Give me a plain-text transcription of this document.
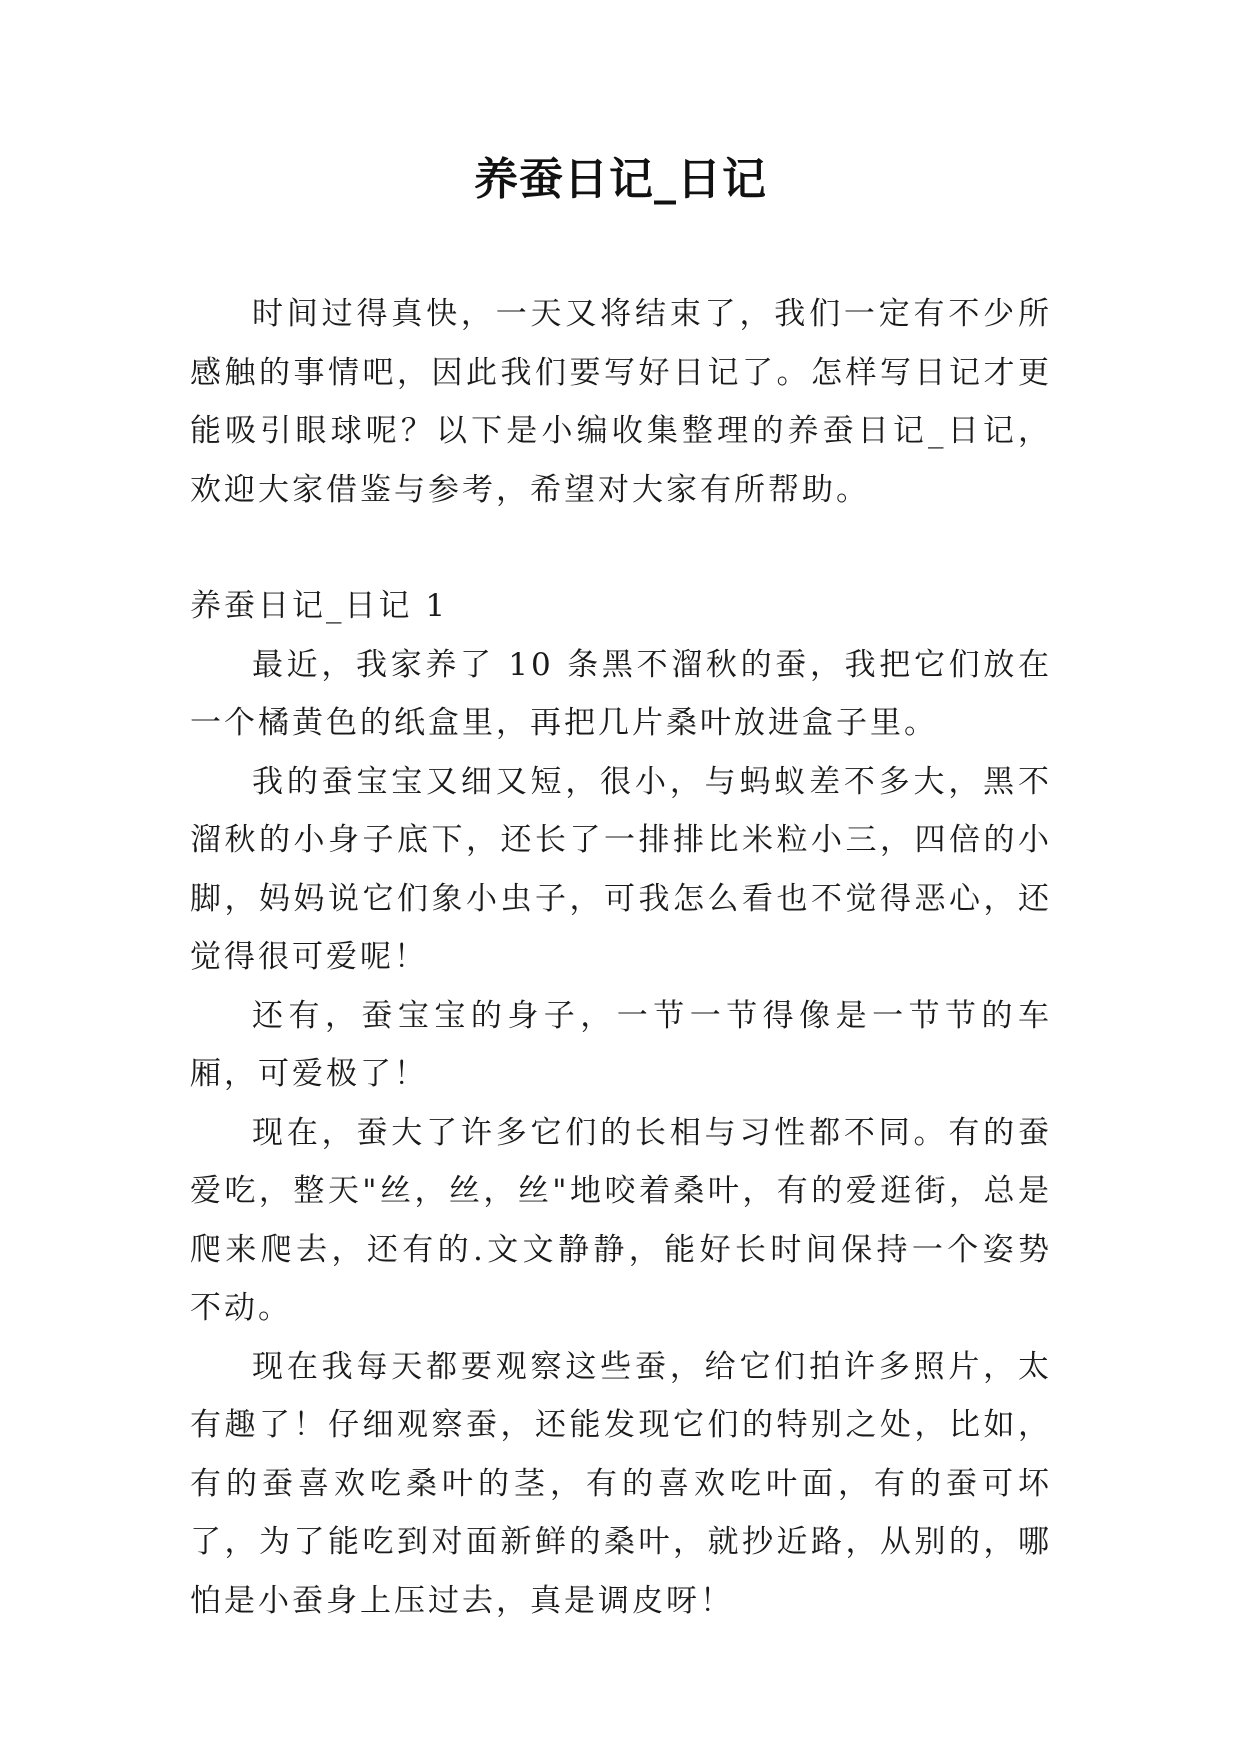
养蚕日记_日记

时间过得真快，一天又将结束了，我们一定有不少所感触的事情吧，因此我们要写好日记了。怎样写日记才更能吸引眼球呢？以下是小编收集整理的养蚕日记_日记，欢迎大家借鉴与参考，希望对大家有所帮助。

养蚕日记_日记 1

最近，我家养了 10 条黑不溜秋的蚕，我把它们放在一个橘黄色的纸盒里，再把几片桑叶放进盒子里。

我的蚕宝宝又细又短，很小，与蚂蚁差不多大，黑不溜秋的小身子底下，还长了一排排比米粒小三，四倍的小脚，妈妈说它们象小虫子，可我怎么看也不觉得恶心，还觉得很可爱呢！

还有，蚕宝宝的身子，一节一节得像是一节节的车厢，可爱极了！

现在，蚕大了许多它们的长相与习性都不同。有的蚕爱吃，整天"丝，丝，丝"地咬着桑叶，有的爱逛街，总是爬来爬去，还有的.文文静静，能好长时间保持一个姿势不动。

现在我每天都要观察这些蚕，给它们拍许多照片，太有趣了！仔细观察蚕，还能发现它们的特别之处，比如，有的蚕喜欢吃桑叶的茎，有的喜欢吃叶面，有的蚕可坏了，为了能吃到对面新鲜的桑叶，就抄近路，从别的，哪怕是小蚕身上压过去，真是调皮呀！
